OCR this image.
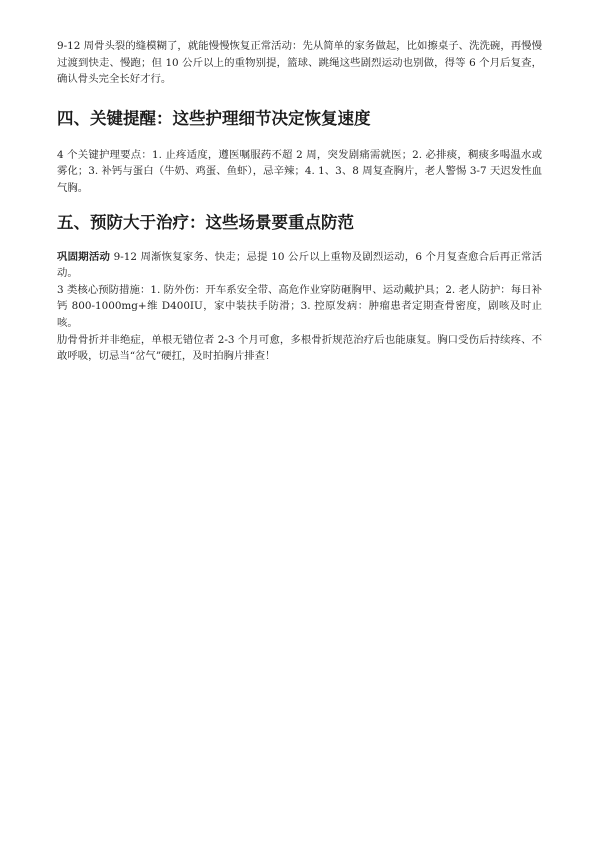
9-12 周骨头裂的缝模糊了，就能慢慢恢复正常活动：先从简单的家务做起，比如擦桌子、洗洗碗，再慢慢过渡到快走、慢跑；但 10 公斤以上的重物别提，篮球、跳绳这些剧烈运动也别做，得等 6 个月后复查，确认骨头完全长好才行。

四、关键提醒：这些护理细节决定恢复速度

4 个关键护理要点：1. 止疼适度，遵医嘱服药不超 2 周，突发剧痛需就医；2. 必排痰，稠痰多喝温水或雾化；3. 补钙与蛋白（牛奶、鸡蛋、鱼虾），忌辛辣；4. 1、3、8 周复查胸片，老人警惕 3-7 天迟发性血气胸。

五、预防大于治疗：这些场景要重点防范

巩固期活动 9-12 周渐恢复家务、快走；忌提 10 公斤以上重物及剧烈运动，6 个月复查愈合后再正常活动。

3 类核心预防措施：1. 防外伤：开车系安全带、高危作业穿防砸胸甲、运动戴护具；2. 老人防护：每日补钙 800-1000mg+维 D400IU，家中装扶手防滑；3. 控原发病：肿瘤患者定期查骨密度，剧咳及时止咳。

肋骨骨折并非绝症，单根无错位者 2-3 个月可愈，多根骨折规范治疗后也能康复。胸口受伤后持续疼、不敢呼吸，切忌当“岔气”硬扛，及时拍胸片排查！
